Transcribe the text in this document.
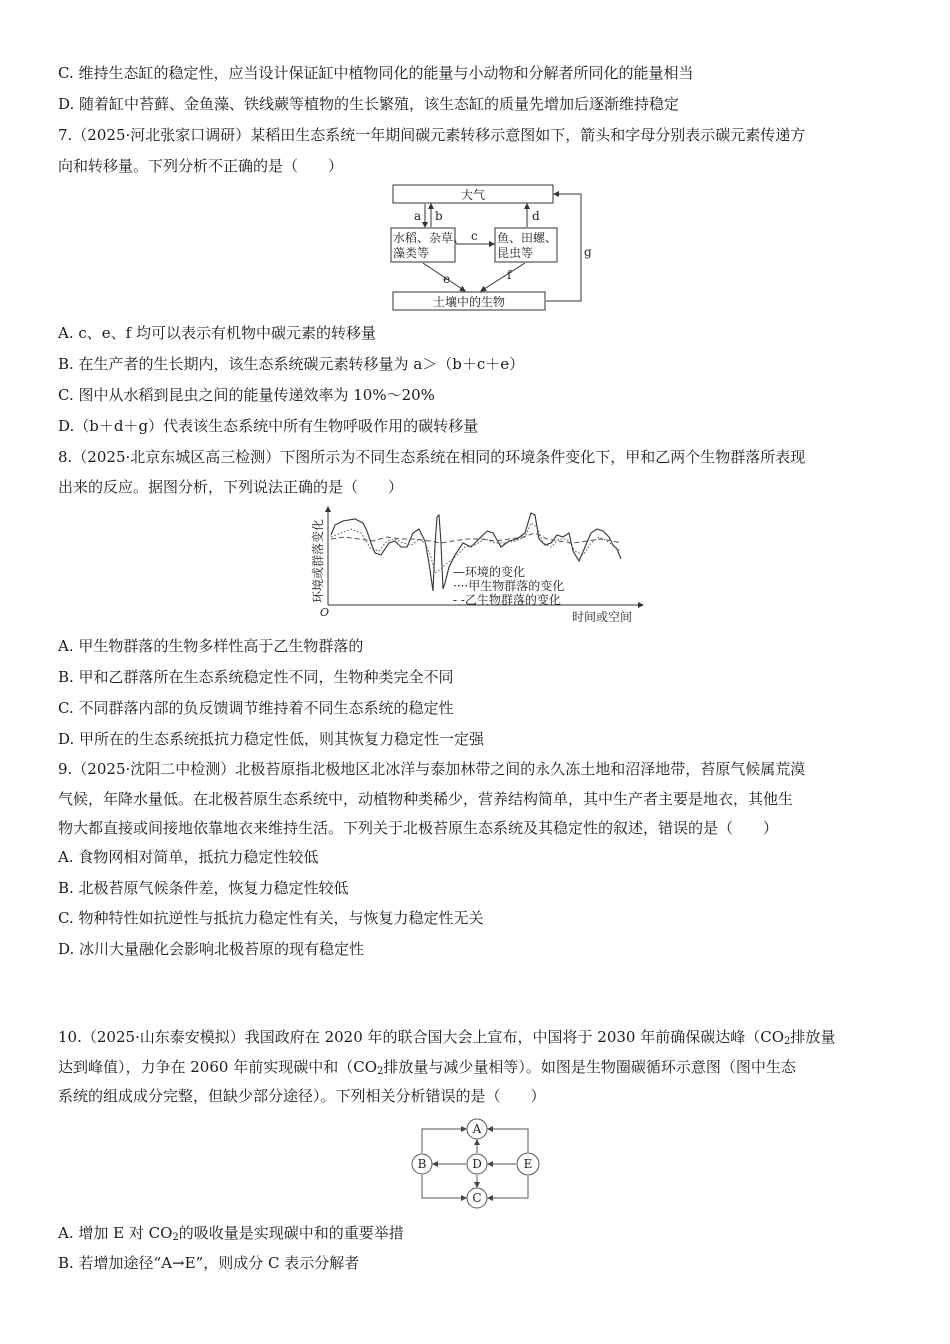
C. 维持生态缸的稳定性，应当设计保证缸中植物同化的能量与小动物和分解者所同化的能量相当
D. 随着缸中苔藓、金鱼藻、铁线蕨等植物的生长繁殖，该生态缸的质量先增加后逐渐维持稳定
7.（2025·河北张家口调研）某稻田生态系统一年期间碳元素转移示意图如下，箭头和字母分别表示碳元素传递方
向和转移量。下列分析不正确的是（　　）
大气
水稻、杂草、
藻类等
鱼、田螺、
昆虫等
土壤中的生物
a b
c
d
e	f
g
A. c、e、f 均可以表示有机物中碳元素的转移量
B. 在生产者的生长期内，该生态系统碳元素转移量为 a＞（b＋c＋e）
C. 图中从水稻到昆虫之间的能量传递效率为 10%～20%
D.（b＋d＋g）代表该生态系统中所有生物呼吸作用的碳转移量
8.（2025·北京东城区高三检测）下图所示为不同生态系统在相同的环境条件变化下，甲和乙两个生物群落所表现
出来的反应。据图分析，下列说法正确的是（　　）
O
环境或群落变化
时间或空间
—环境的变化
····甲生物群落的变化
- -乙生物群落的变化
A. 甲生物群落的生物多样性高于乙生物群落的
B. 甲和乙群落所在生态系统稳定性不同，生物种类完全不同
C. 不同群落内部的负反馈调节维持着不同生态系统的稳定性
D. 甲所在的生态系统抵抗力稳定性低，则其恢复力稳定性一定强
9.（2025·沈阳二中检测）北极苔原指北极地区北冰洋与泰加林带之间的永久冻土地和沼泽地带，苔原气候属荒漠
气候，年降水量低。在北极苔原生态系统中，动植物种类稀少，营养结构简单，其中生产者主要是地衣，其他生
物大都直接或间接地依靠地衣来维持生活。下列关于北极苔原生态系统及其稳定性的叙述，错误的是（　　）
A. 食物网相对简单，抵抗力稳定性较低
B. 北极苔原气候条件差，恢复力稳定性较低
C. 物种特性如抗逆性与抵抗力稳定性有关，与恢复力稳定性无关
D. 冰川大量融化会影响北极苔原的现有稳定性
10.（2025·山东泰安模拟）我国政府在 2020 年的联合国大会上宣布，中国将于 2030 年前确保碳达峰（$CO_2$排放量
达到峰值），力争在 2060 年前实现碳中和（$CO_2$排放量与减少量相等）。如图是生物圈碳循环示意图（图中生态
系统的组成成分完整，但缺少部分途径）。下列相关分析错误的是（　　）
A
B	D	E
C
A. 增加 E 对 $CO_2$的吸收量是实现碳中和的重要举措
B. 若增加途径“A→E”，则成分 C 表示分解者
